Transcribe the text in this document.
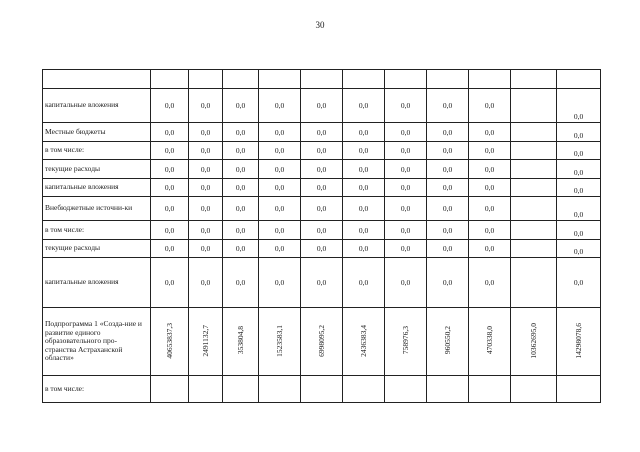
30

капитальные вложения	0,0	0,0	0,0	0,0	0,0	0,0	0,0	0,0	0,0		0,0
Местные бюджеты	0,0	0,0	0,0	0,0	0,0	0,0	0,0	0,0	0,0		0,0
в том числе:	0,0	0,0	0,0	0,0	0,0	0,0	0,0	0,0	0,0		0,0
текущие расходы	0,0	0,0	0,0	0,0	0,0	0,0	0,0	0,0	0,0		0,0
капитальные вложения	0,0	0,0	0,0	0,0	0,0	0,0	0,0	0,0	0,0		0,0
Внебюджетные источни-ки	0,0	0,0	0,0	0,0	0,0	0,0	0,0	0,0	0,0		0,0
в том числе:	0,0	0,0	0,0	0,0	0,0	0,0	0,0	0,0	0,0		0,0
текущие расходы	0,0	0,0	0,0	0,0	0,0	0,0	0,0	0,0	0,0		0,0
капитальные вложения	0,0	0,0	0,0	0,0	0,0	0,0	0,0	0,0	0,0		0,0
Подпрограмма 1 «Созда-ние и развитие единого образовательного про-странства Астраханской области»	40653837,3	2491132,7	353804,8	1523583,1	6998095,2	2436383,4	758976,3	960550,2	470338,0	10362695,0	14298078,6
в том числе:											
